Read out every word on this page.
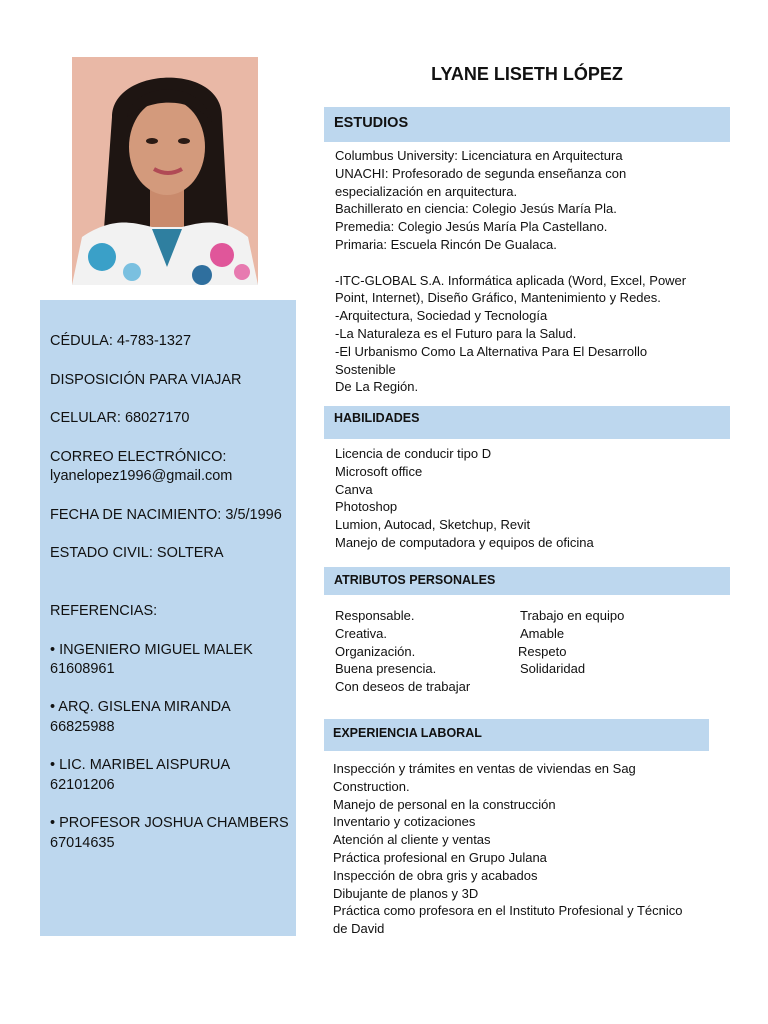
CÉDULA: 4-783-1327
DISPOSICIÓN PARA VIAJAR
CELULAR: 68027170
CORREO ELECTRÓNICO:
lyanelopez1996@gmail.com
FECHA DE NACIMIENTO: 3/5/1996
ESTADO CIVIL: SOLTERA
REFERENCIAS:
• INGENIERO MIGUEL MALEK
61608961
• ARQ. GISLENA MIRANDA
66825988
• LIC. MARIBEL AISPURUA
62101206
• PROFESOR JOSHUA CHAMBERS
67014635
LYANE LISETH LÓPEZ
ESTUDIOS
Columbus University: Licenciatura en Arquitectura
UNACHI: Profesorado de segunda enseñanza con
especialización en arquitectura.
Bachillerato en ciencia: Colegio Jesús María Pla.
Premedia: Colegio Jesús María Pla Castellano.
Primaria: Escuela Rincón De Gualaca.
-ITC-GLOBAL S.A. Informática aplicada (Word, Excel, Power
Point, Internet), Diseño Gráfico, Mantenimiento y Redes.
-Arquitectura, Sociedad y Tecnología
-La Naturaleza es el Futuro para la Salud.
-El Urbanismo Como La Alternativa Para El Desarrollo
Sostenible
De La Región.
HABILIDADES
Licencia de conducir tipo D
Microsoft office
Canva
Photoshop
Lumion, Autocad, Sketchup, Revit
Manejo de computadora y equipos de oficina
ATRIBUTOS PERSONALES
Responsable.	Trabajo en equipo
Creativa.	Amable
Organización.	Respeto
Buena presencia.	Solidaridad
Con deseos de trabajar
EXPERIENCIA LABORAL
Inspección y trámites en ventas de viviendas en Sag
Construction.
Manejo de personal en la construcción
Inventario y cotizaciones
Atención al cliente y ventas
Práctica profesional en Grupo Julana
Inspección de obra gris y acabados
Dibujante de planos y 3D
Práctica como profesora en el Instituto Profesional y Técnico
de David
